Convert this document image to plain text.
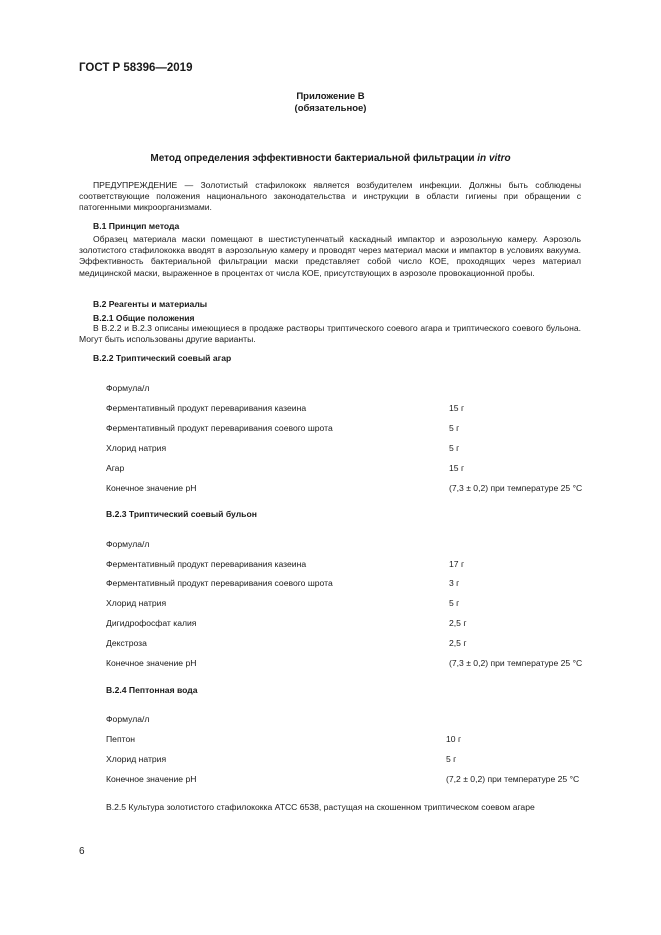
ГОСТ Р 58396—2019
Приложение В
(обязательное)
Метод определения эффективности бактериальной фильтрации in vitro
ПРЕДУПРЕЖДЕНИЕ — Золотистый стафилококк является возбудителем инфекции. Должны быть соблюдены соответствующие положения национального законодательства и инструкции в области гигиены при обращении с патогенными микроорганизмами.
В.1 Принцип метода
Образец материала маски помещают в шестиступенчатый каскадный импактор и аэрозольную камеру. Аэрозоль золотистого стафилококка вводят в аэрозольную камеру и проводят через материал маски и импактор в условиях вакуума. Эффективность бактериальной фильтрации маски представляет собой число КОЕ, проходящих через материал медицинской маски, выраженное в процентах от числа КОЕ, присутствующих в аэрозоле провокационной пробы.
В.2 Реагенты и материалы
В.2.1 Общие положения
В В.2.2 и В.2.3 описаны имеющиеся в продаже растворы триптического соевого агара и триптического соевого бульона. Могут быть использованы другие варианты.
В.2.2 Триптический соевый агар
Формула/л
Ферментативный продукт переваривания казеина	15 г
Ферментативный продукт переваривания соевого шрота	5 г
Хлорид натрия	5 г
Агар	15 г
Конечное значение рН	(7,3 ± 0,2) при температуре 25 °C
В.2.3 Триптический соевый бульон
Формула/л
Ферментативный продукт переваривания казеина	17 г
Ферментативный продукт переваривания соевого шрота	3 г
Хлорид натрия	5 г
Дигидрофосфат калия	2,5 г
Декстроза	2,5 г
Конечное значение рН	(7,3 ± 0,2) при температуре 25 °C
В.2.4 Пептонная вода
Формула/л
Пептон	10 г
Хлорид натрия	5 г
Конечное значение рН	(7,2 ± 0,2) при температуре 25 °C
В.2.5 Культура золотистого стафилококка АТСС 6538, растущая на скошенном триптическом соевом агаре
6
